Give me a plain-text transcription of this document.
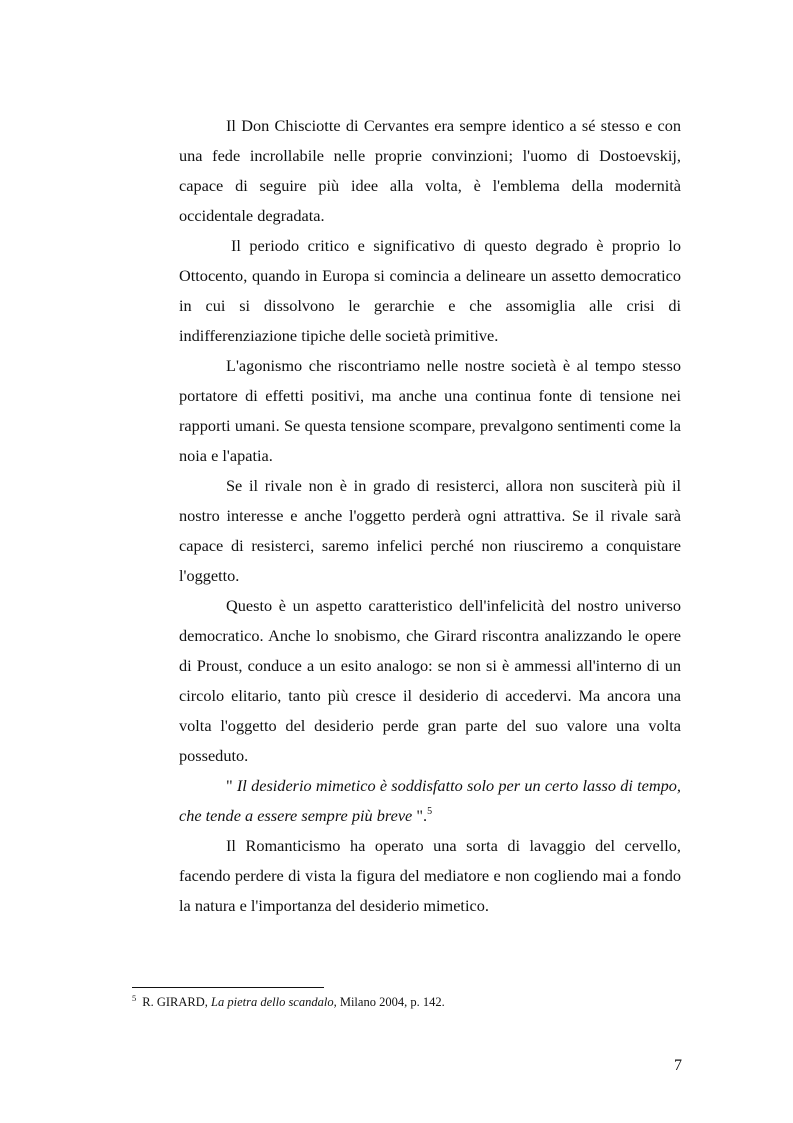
Il Don Chisciotte di Cervantes era sempre identico a sé stesso e con una fede incrollabile nelle proprie convinzioni; l'uomo di Dostoevskij, capace di seguire più idee alla volta, è l'emblema della modernità occidentale degradata.

Il periodo critico e significativo di questo degrado è proprio lo Ottocento, quando in Europa si comincia a delineare un assetto democratico in cui si dissolvono le gerarchie e che assomiglia alle crisi di indifferenziazione tipiche delle società primitive.

L'agonismo che riscontriamo nelle nostre società è al tempo stesso portatore di effetti positivi, ma anche una continua fonte di tensione nei rapporti umani. Se questa tensione scompare, prevalgono sentimenti come la noia e l'apatia.

Se il rivale non è in grado di resisterci, allora non susciterà più il nostro interesse e anche l'oggetto perderà ogni attrattiva. Se il rivale sarà capace di resisterci, saremo infelici perché non riusciremo a conquistare l'oggetto.

Questo è un aspetto caratteristico dell'infelicità del nostro universo democratico. Anche lo snobismo, che Girard riscontra analizzando le opere di Proust, conduce a un esito analogo: se non si è ammessi all'interno di un circolo elitario, tanto più cresce il desiderio di accedervi. Ma ancora una volta l'oggetto del desiderio perde gran parte del suo valore una volta posseduto.

" Il desiderio mimetico è soddisfatto solo per un certo lasso di tempo, che tende a essere sempre più breve ".$^5$

Il Romanticismo ha operato una sorta di lavaggio del cervello, facendo perdere di vista la figura del mediatore e non cogliendo mai a fondo la natura e l'importanza del desiderio mimetico.

$^5$ R. GIRARD, La pietra dello scandalo, Milano 2004, p. 142.
7
